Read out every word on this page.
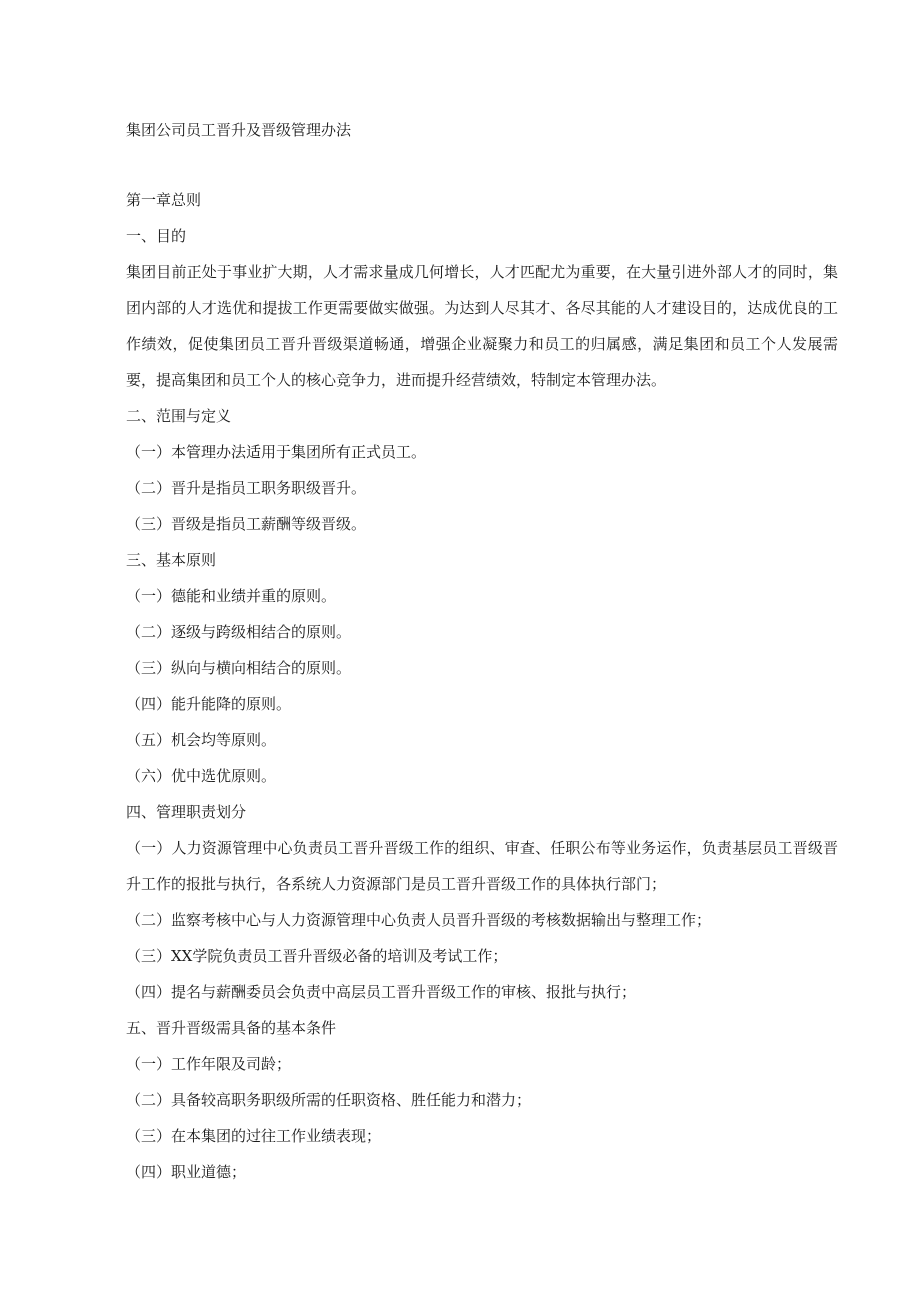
集团公司员工晋升及晋级管理办法
第一章总则
一、目的
集团目前正处于事业扩大期，人才需求量成几何增长，人才匹配尤为重要，在大量引进外部人才的同时，集团内部的人才选优和提拔工作更需要做实做强。为达到人尽其才、各尽其能的人才建设目的，达成优良的工作绩效，促使集团员工晋升晋级渠道畅通，增强企业凝聚力和员工的归属感，满足集团和员工个人发展需要，提高集团和员工个人的核心竞争力，进而提升经营绩效，特制定本管理办法。
二、范围与定义
（一）本管理办法适用于集团所有正式员工。
（二）晋升是指员工职务职级晋升。
（三）晋级是指员工薪酬等级晋级。
三、基本原则
（一）德能和业绩并重的原则。
（二）逐级与跨级相结合的原则。
（三）纵向与横向相结合的原则。
（四）能升能降的原则。
（五）机会均等原则。
（六）优中选优原则。
四、管理职责划分
（一）人力资源管理中心负责员工晋升晋级工作的组织、审查、任职公布等业务运作，负责基层员工晋级晋升工作的报批与执行，各系统人力资源部门是员工晋升晋级工作的具体执行部门；
（二）监察考核中心与人力资源管理中心负责人员晋升晋级的考核数据输出与整理工作；
（三）XX学院负责员工晋升晋级必备的培训及考试工作；
（四）提名与薪酬委员会负责中高层员工晋升晋级工作的审核、报批与执行；
五、晋升晋级需具备的基本条件
（一）工作年限及司龄；
（二）具备较高职务职级所需的任职资格、胜任能力和潜力；
（三）在本集团的过往工作业绩表现；
（四）职业道德；
